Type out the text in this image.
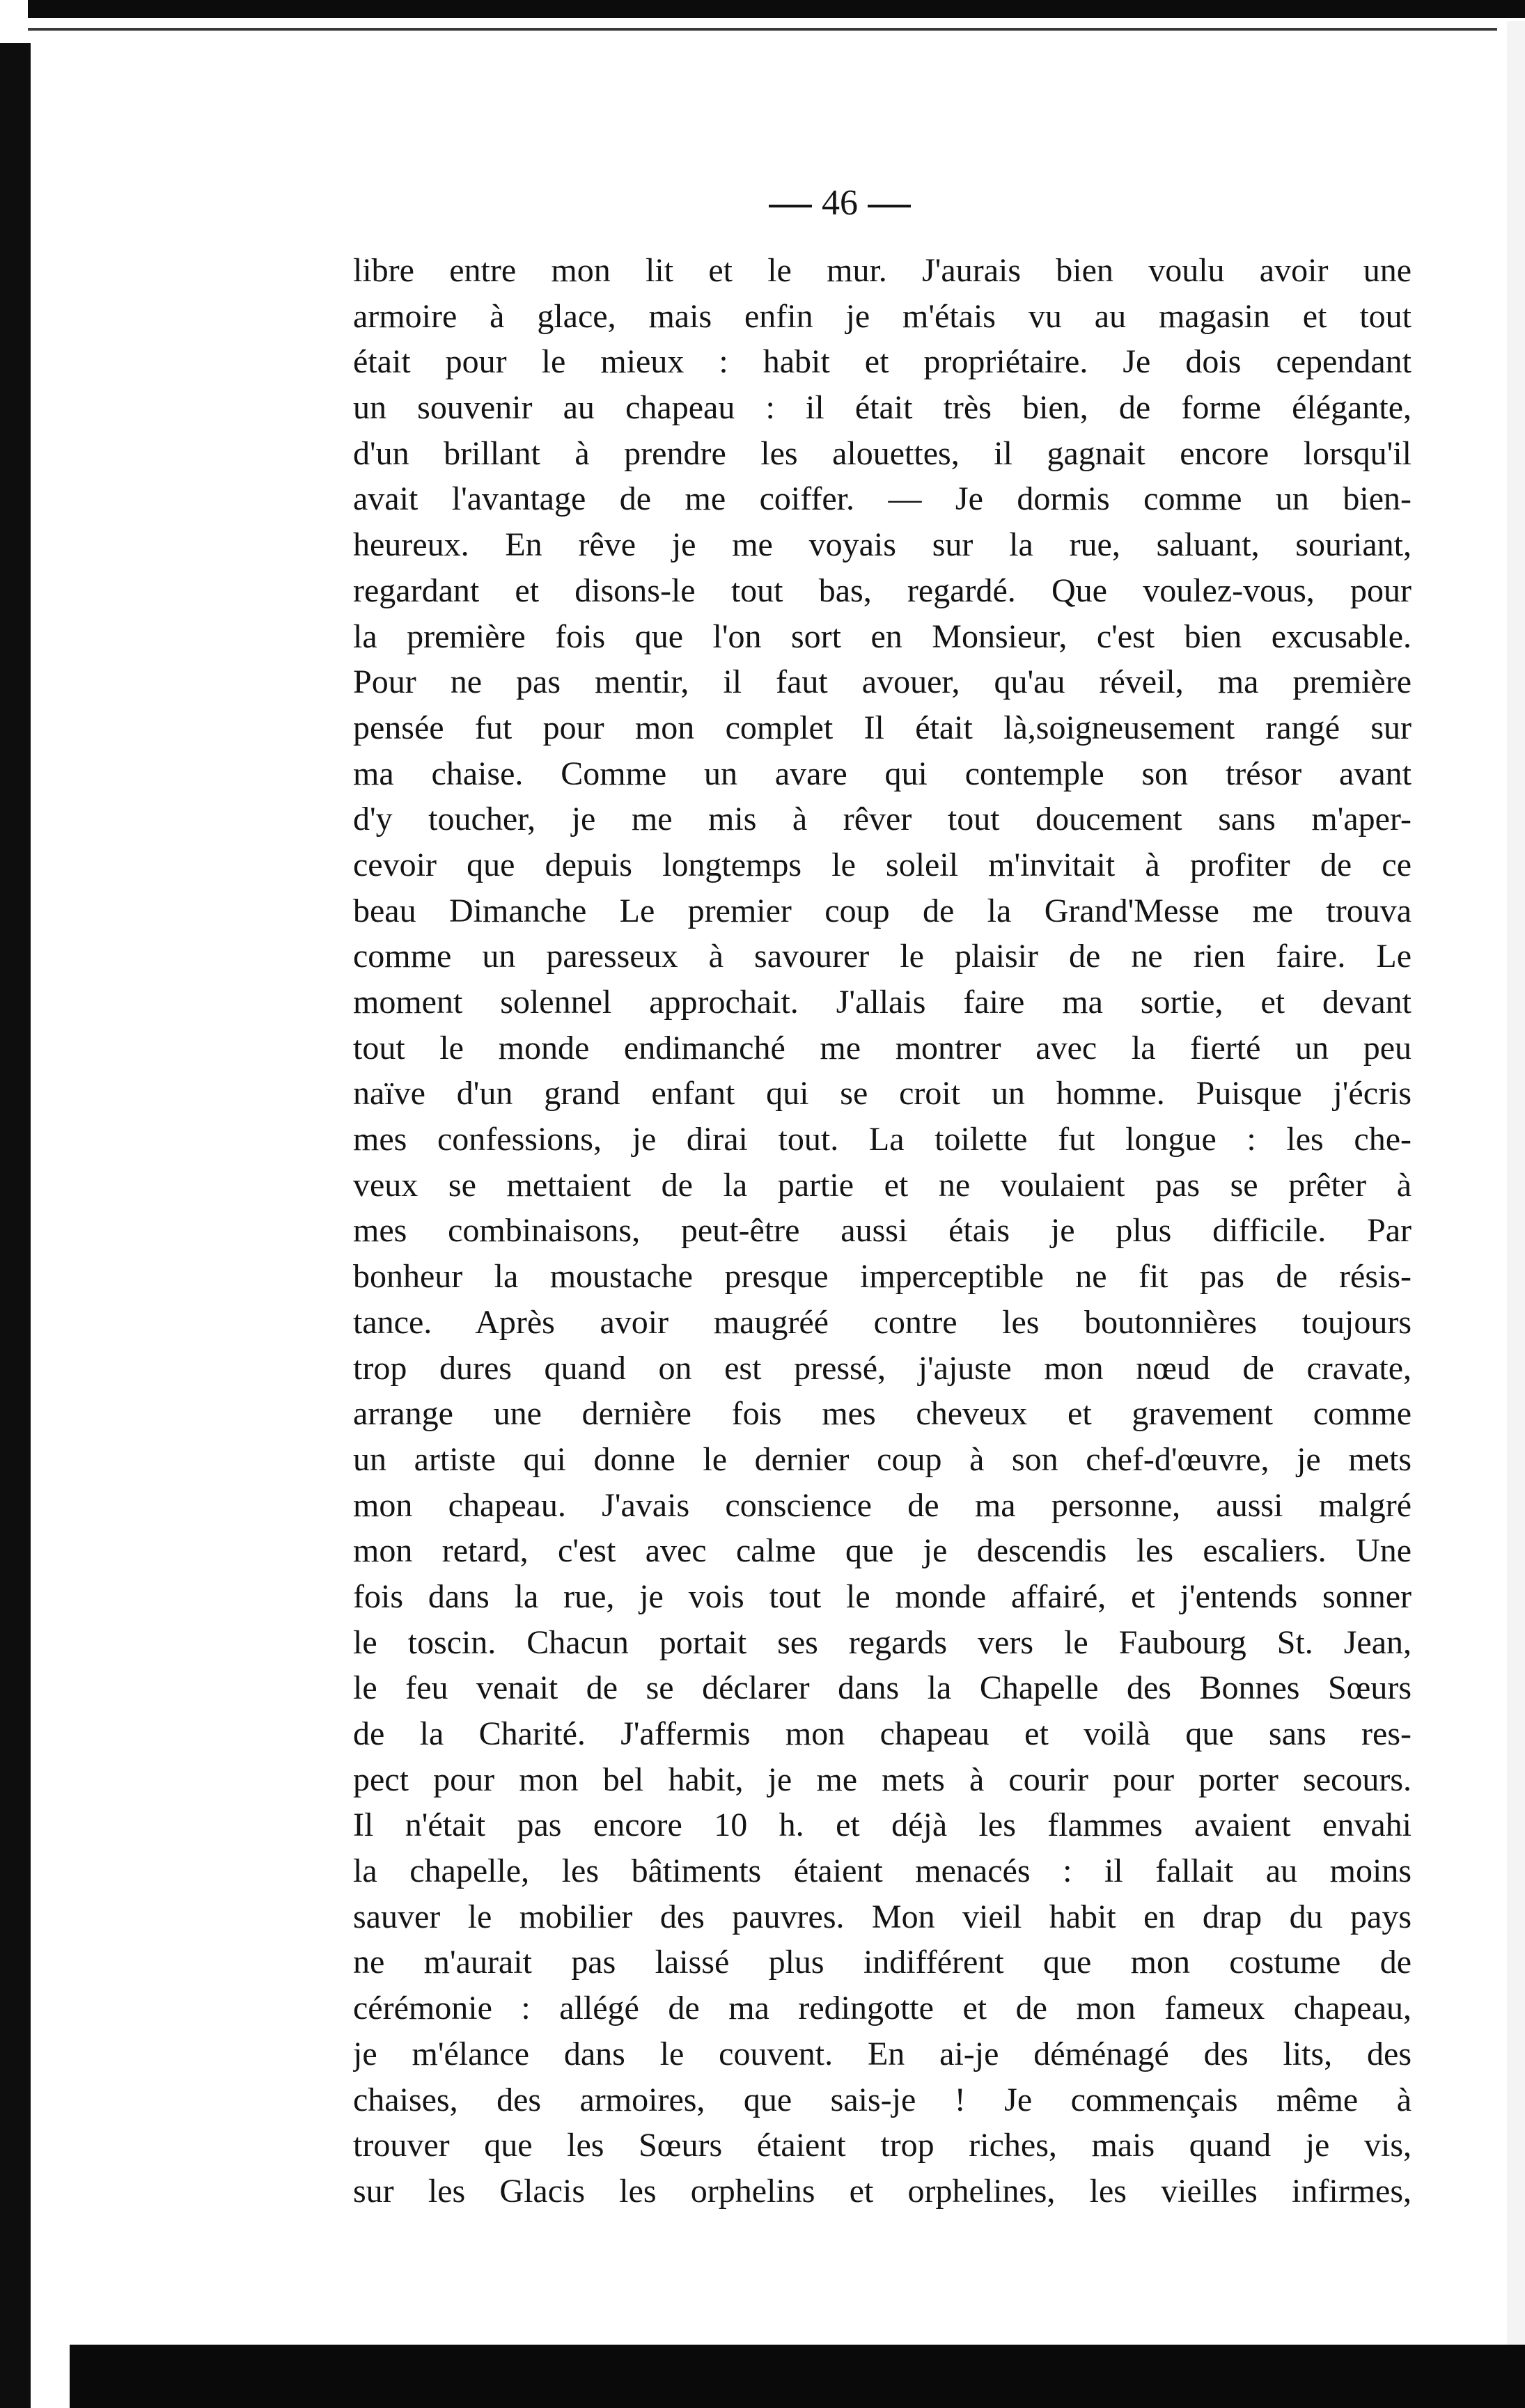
46
libre entre mon lit et le mur. J'aurais bien voulu avoir une
armoire à glace, mais enfin je m'étais vu au magasin et tout
était pour le mieux : habit et propriétaire. Je dois cependant
un souvenir au chapeau : il était très bien, de forme élégante,
d'un brillant à prendre les alouettes, il gagnait encore lorsqu'il
avait l'avantage de me coiffer. — Je dormis comme un bien-
heureux. En rêve je me voyais sur la rue, saluant, souriant,
regardant et disons-le tout bas, regardé. Que voulez-vous, pour
la première fois que l'on sort en Monsieur, c'est bien excusable.
Pour ne pas mentir, il faut avouer, qu'au réveil, ma première
pensée fut pour mon complet Il était là,soigneusement rangé sur
ma chaise. Comme un avare qui contemple son trésor avant
d'y toucher, je me mis à rêver tout doucement sans m'aper-
cevoir que depuis longtemps le soleil m'invitait à profiter de ce
beau Dimanche Le premier coup de la Grand'Messe me trouva
comme un paresseux à savourer le plaisir de ne rien faire. Le
moment solennel approchait. J'allais faire ma sortie, et devant
tout le monde endimanché me montrer avec la fierté un peu
naïve d'un grand enfant qui se croit un homme. Puisque j'écris
mes confessions, je dirai tout. La toilette fut longue : les che-
veux se mettaient de la partie et ne voulaient pas se prêter à
mes combinaisons, peut-être aussi étais je plus difficile. Par
bonheur la moustache presque imperceptible ne fit pas de résis-
tance. Après avoir maugréé contre les boutonnières toujours
trop dures quand on est pressé, j'ajuste mon nœud de cravate,
arrange une dernière fois mes cheveux et gravement comme
un artiste qui donne le dernier coup à son chef-d'œuvre, je mets
mon chapeau. J'avais conscience de ma personne, aussi malgré
mon retard, c'est avec calme que je descendis les escaliers. Une
fois dans la rue, je vois tout le monde affairé, et j'entends sonner
le toscin. Chacun portait ses regards vers le Faubourg St. Jean,
le feu venait de se déclarer dans la Chapelle des Bonnes Sœurs
de la Charité. J'affermis mon chapeau et voilà que sans res-
pect pour mon bel habit, je me mets à courir pour porter secours.
Il n'était pas encore 10 h. et déjà les flammes avaient envahi
la chapelle, les bâtiments étaient menacés : il fallait au moins
sauver le mobilier des pauvres. Mon vieil habit en drap du pays
ne m'aurait pas laissé plus indifférent que mon costume de
cérémonie : allégé de ma redingotte et de mon fameux chapeau,
je m'élance dans le couvent. En ai-je déménagé des lits, des
chaises, des armoires, que sais-je ! Je commençais même à
trouver que les Sœurs étaient trop riches, mais quand je vis,
sur les Glacis les orphelins et orphelines, les vieilles infirmes,
